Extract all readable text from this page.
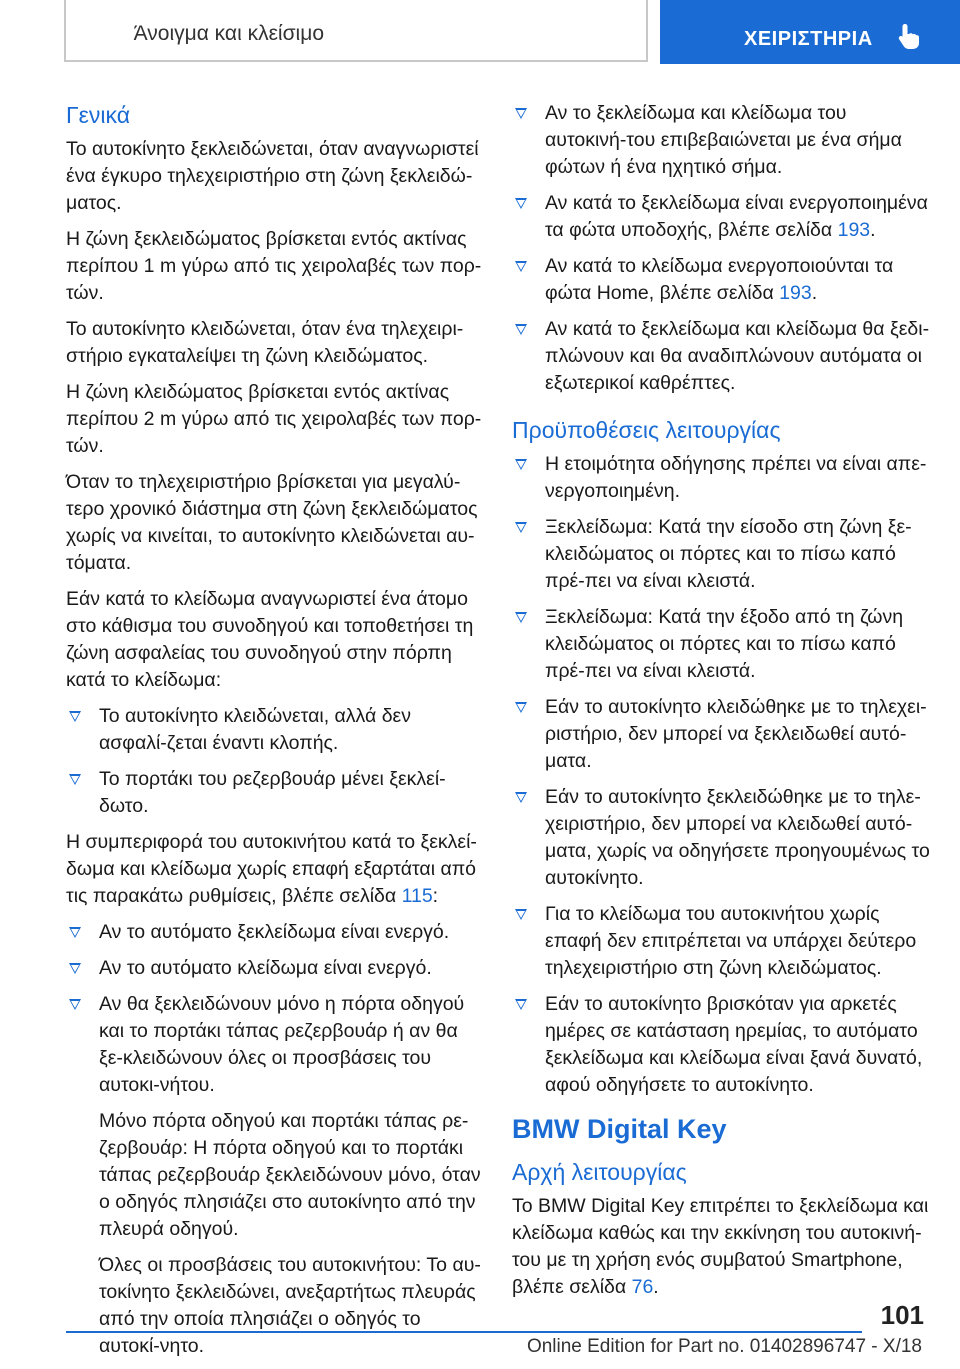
Άνοιγμα και κλείσιμο	ΧΕΙΡΙΣΤΗΡΙΑ
Γενικά

Το αυτοκίνητο ξεκλειδώνεται, όταν αναγνωριστεί ένα έγκυρο τηλεχειριστήριο στη ζώνη ξεκλειδώ-ματος.

Η ζώνη ξεκλειδώματος βρίσκεται εντός ακτίνας περίπου 1 m γύρω από τις χειρολαβές των πορ-τών.

Το αυτοκίνητο κλειδώνεται, όταν ένα τηλεχειρι-στήριο εγκαταλείψει τη ζώνη κλειδώματος.

Η ζώνη κλειδώματος βρίσκεται εντός ακτίνας περίπου 2 m γύρω από τις χειρολαβές των πορ-τών.

Όταν το τηλεχειριστήριο βρίσκεται για μεγαλύ-τερο χρονικό διάστημα στη ζώνη ξεκλειδώματος χωρίς να κινείται, το αυτοκίνητο κλειδώνεται αυ-τόματα.

Εάν κατά το κλείδωμα αναγνωριστεί ένα άτομο στο κάθισμα του συνοδηγού και τοποθετήσει τη ζώνη ασφαλείας του συνοδηγού στην πόρπη κατά το κλείδωμα:

Το αυτοκίνητο κλειδώνεται, αλλά δεν ασφαλί-ζεται έναντι κλοπής.
Το πορτάκι του ρεζερβουάρ μένει ξεκλεί-δωτο.

Η συμπεριφορά του αυτοκινήτου κατά το ξεκλεί-δωμα και κλείδωμα χωρίς επαφή εξαρτάται από τις παρακάτω ρυθμίσεις, βλέπε σελίδα 115:

Αν το αυτόματο ξεκλείδωμα είναι ενεργό.
Αν το αυτόματο κλείδωμα είναι ενεργό.
Αν θα ξεκλειδώνουν μόνο η πόρτα οδηγού και το πορτάκι τάπας ρεζερβουάρ ή αν θα ξε-κλειδώνουν όλες οι προσβάσεις του αυτοκι-νήτου.

Μόνο πόρτα οδηγού και πορτάκι τάπας ρε-ζερβουάρ: Η πόρτα οδηγού και το πορτάκι τάπας ρεζερβουάρ ξεκλειδώνουν μόνο, όταν ο οδηγός πλησιάζει στο αυτοκίνητο από την πλευρά οδηγού.

Όλες οι προσβάσεις του αυτοκινήτου: Το αυ-τοκίνητο ξεκλειδώνει, ανεξαρτήτως πλευράς από την οποία πλησιάζει ο οδηγός το αυτοκί-νητο.

Αν το ξεκλείδωμα και κλείδωμα του αυτοκινή-του επιβεβαιώνεται με ένα σήμα φώτων ή ένα ηχητικό σήμα.
Αν κατά το ξεκλείδωμα είναι ενεργοποιημένα τα φώτα υποδοχής, βλέπε σελίδα 193.
Αν κατά το κλείδωμα ενεργοποιούνται τα φώτα Home, βλέπε σελίδα 193.
Αν κατά το ξεκλείδωμα και κλείδωμα θα ξεδι-πλώνουν και θα αναδιπλώνουν αυτόματα οι εξωτερικοί καθρέπτες.
Προϋποθέσεις λειτουργίας
Η ετοιμότητα οδήγησης πρέπει να είναι απε-νεργοποιημένη.
Ξεκλείδωμα: Κατά την είσοδο στη ζώνη ξε-κλειδώματος οι πόρτες και το πίσω καπό πρέ-πει να είναι κλειστά.
Ξεκλείδωμα: Κατά την έξοδο από τη ζώνη κλειδώματος οι πόρτες και το πίσω καπό πρέ-πει να είναι κλειστά.
Εάν το αυτοκίνητο κλειδώθηκε με το τηλεχει-ριστήριο, δεν μπορεί να ξεκλειδωθεί αυτό-ματα.
Εάν το αυτοκίνητο ξεκλειδώθηκε με το τηλε-χειριστήριο, δεν μπορεί να κλειδωθεί αυτό-ματα, χωρίς να οδηγήσετε προηγουμένως το αυτοκίνητο.
Για το κλείδωμα του αυτοκινήτου χωρίς επαφή δεν επιτρέπεται να υπάρχει δεύτερο τηλεχειριστήριο στη ζώνη κλειδώματος.
Εάν το αυτοκίνητο βρισκόταν για αρκετές ημέρες σε κατάσταση ηρεμίας, το αυτόματο ξεκλείδωμα και κλείδωμα είναι ξανά δυνατό, αφού οδηγήσετε το αυτοκίνητο.
BMW Digital Key
Αρχή λειτουργίας

Το BMW Digital Key επιτρέπει το ξεκλείδωμα και κλείδωμα καθώς και την εκκίνηση του αυτοκινή-του με τη χρήση ενός συμβατού Smartphone, βλέπε σελίδα 76.

101
Online Edition for Part no. 01402896747 - X/18
